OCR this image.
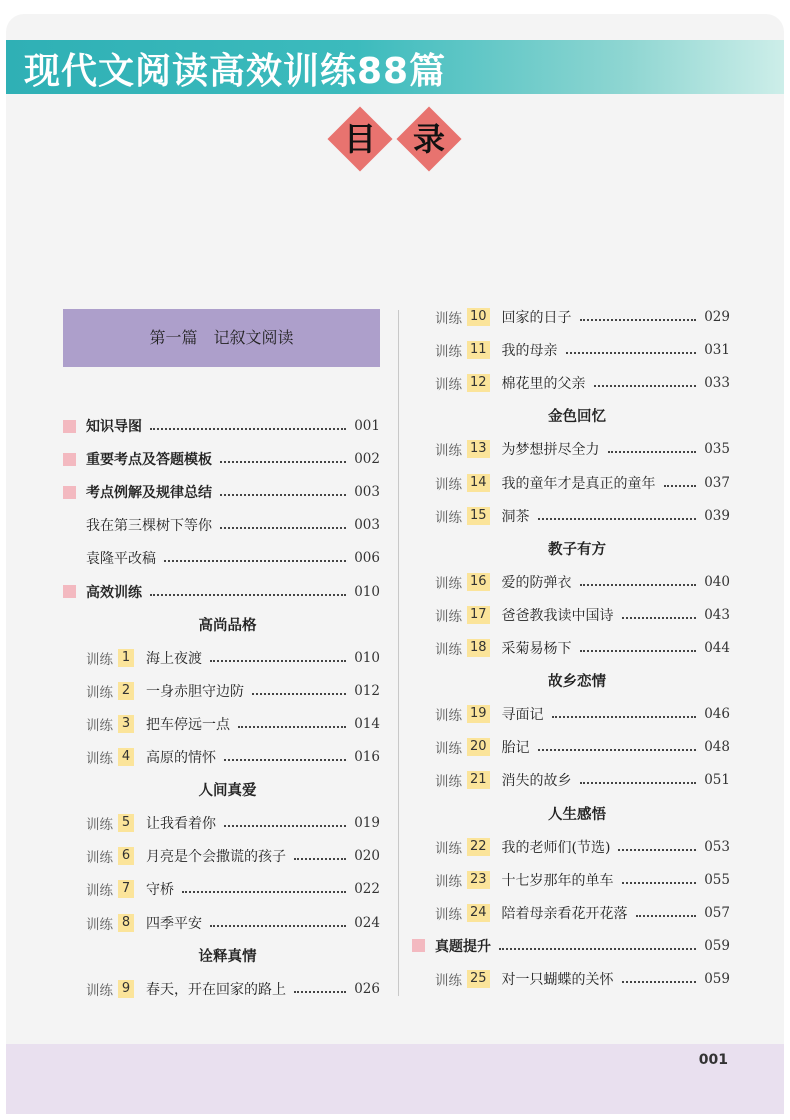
现代文阅读高效训练88篇
目	录
第一篇　记叙文阅读
知识导图	001
重要考点及答题模板	002
考点例解及规律总结	003
我在第三棵树下等你	003
袁隆平改稿	006
高效训练	010
高尚品格
训练 1 海上夜渡	010
训练 2 一身赤胆守边防	012
训练 3 把车停远一点	014
训练 4 高原的情怀	016
人间真爱
训练 5 让我看着你	019
训练 6 月亮是个会撒谎的孩子	020
训练 7 守桥	022
训练 8 四季平安	024
诠释真情
训练 9 春天，开在回家的路上	026
训练 10 回家的日子	029
训练 11 我的母亲	031
训练 12 棉花里的父亲	033
金色回忆
训练 13 为梦想拼尽全力	035
训练 14 我的童年才是真正的童年	037
训练 15 洞茶	039
教子有方
训练 16 爱的防弹衣	040
训练 17 爸爸教我读中国诗	043
训练 18 采菊易杨下	044
故乡恋情
训练 19 寻面记	046
训练 20 胎记	048
训练 21 消失的故乡	051
人生感悟
训练 22 我的老师们(节选)	053
训练 23 十七岁那年的单车	055
训练 24 陪着母亲看花开花落	057
真题提升	059
训练 25 对一只蝴蝶的关怀	059
001
